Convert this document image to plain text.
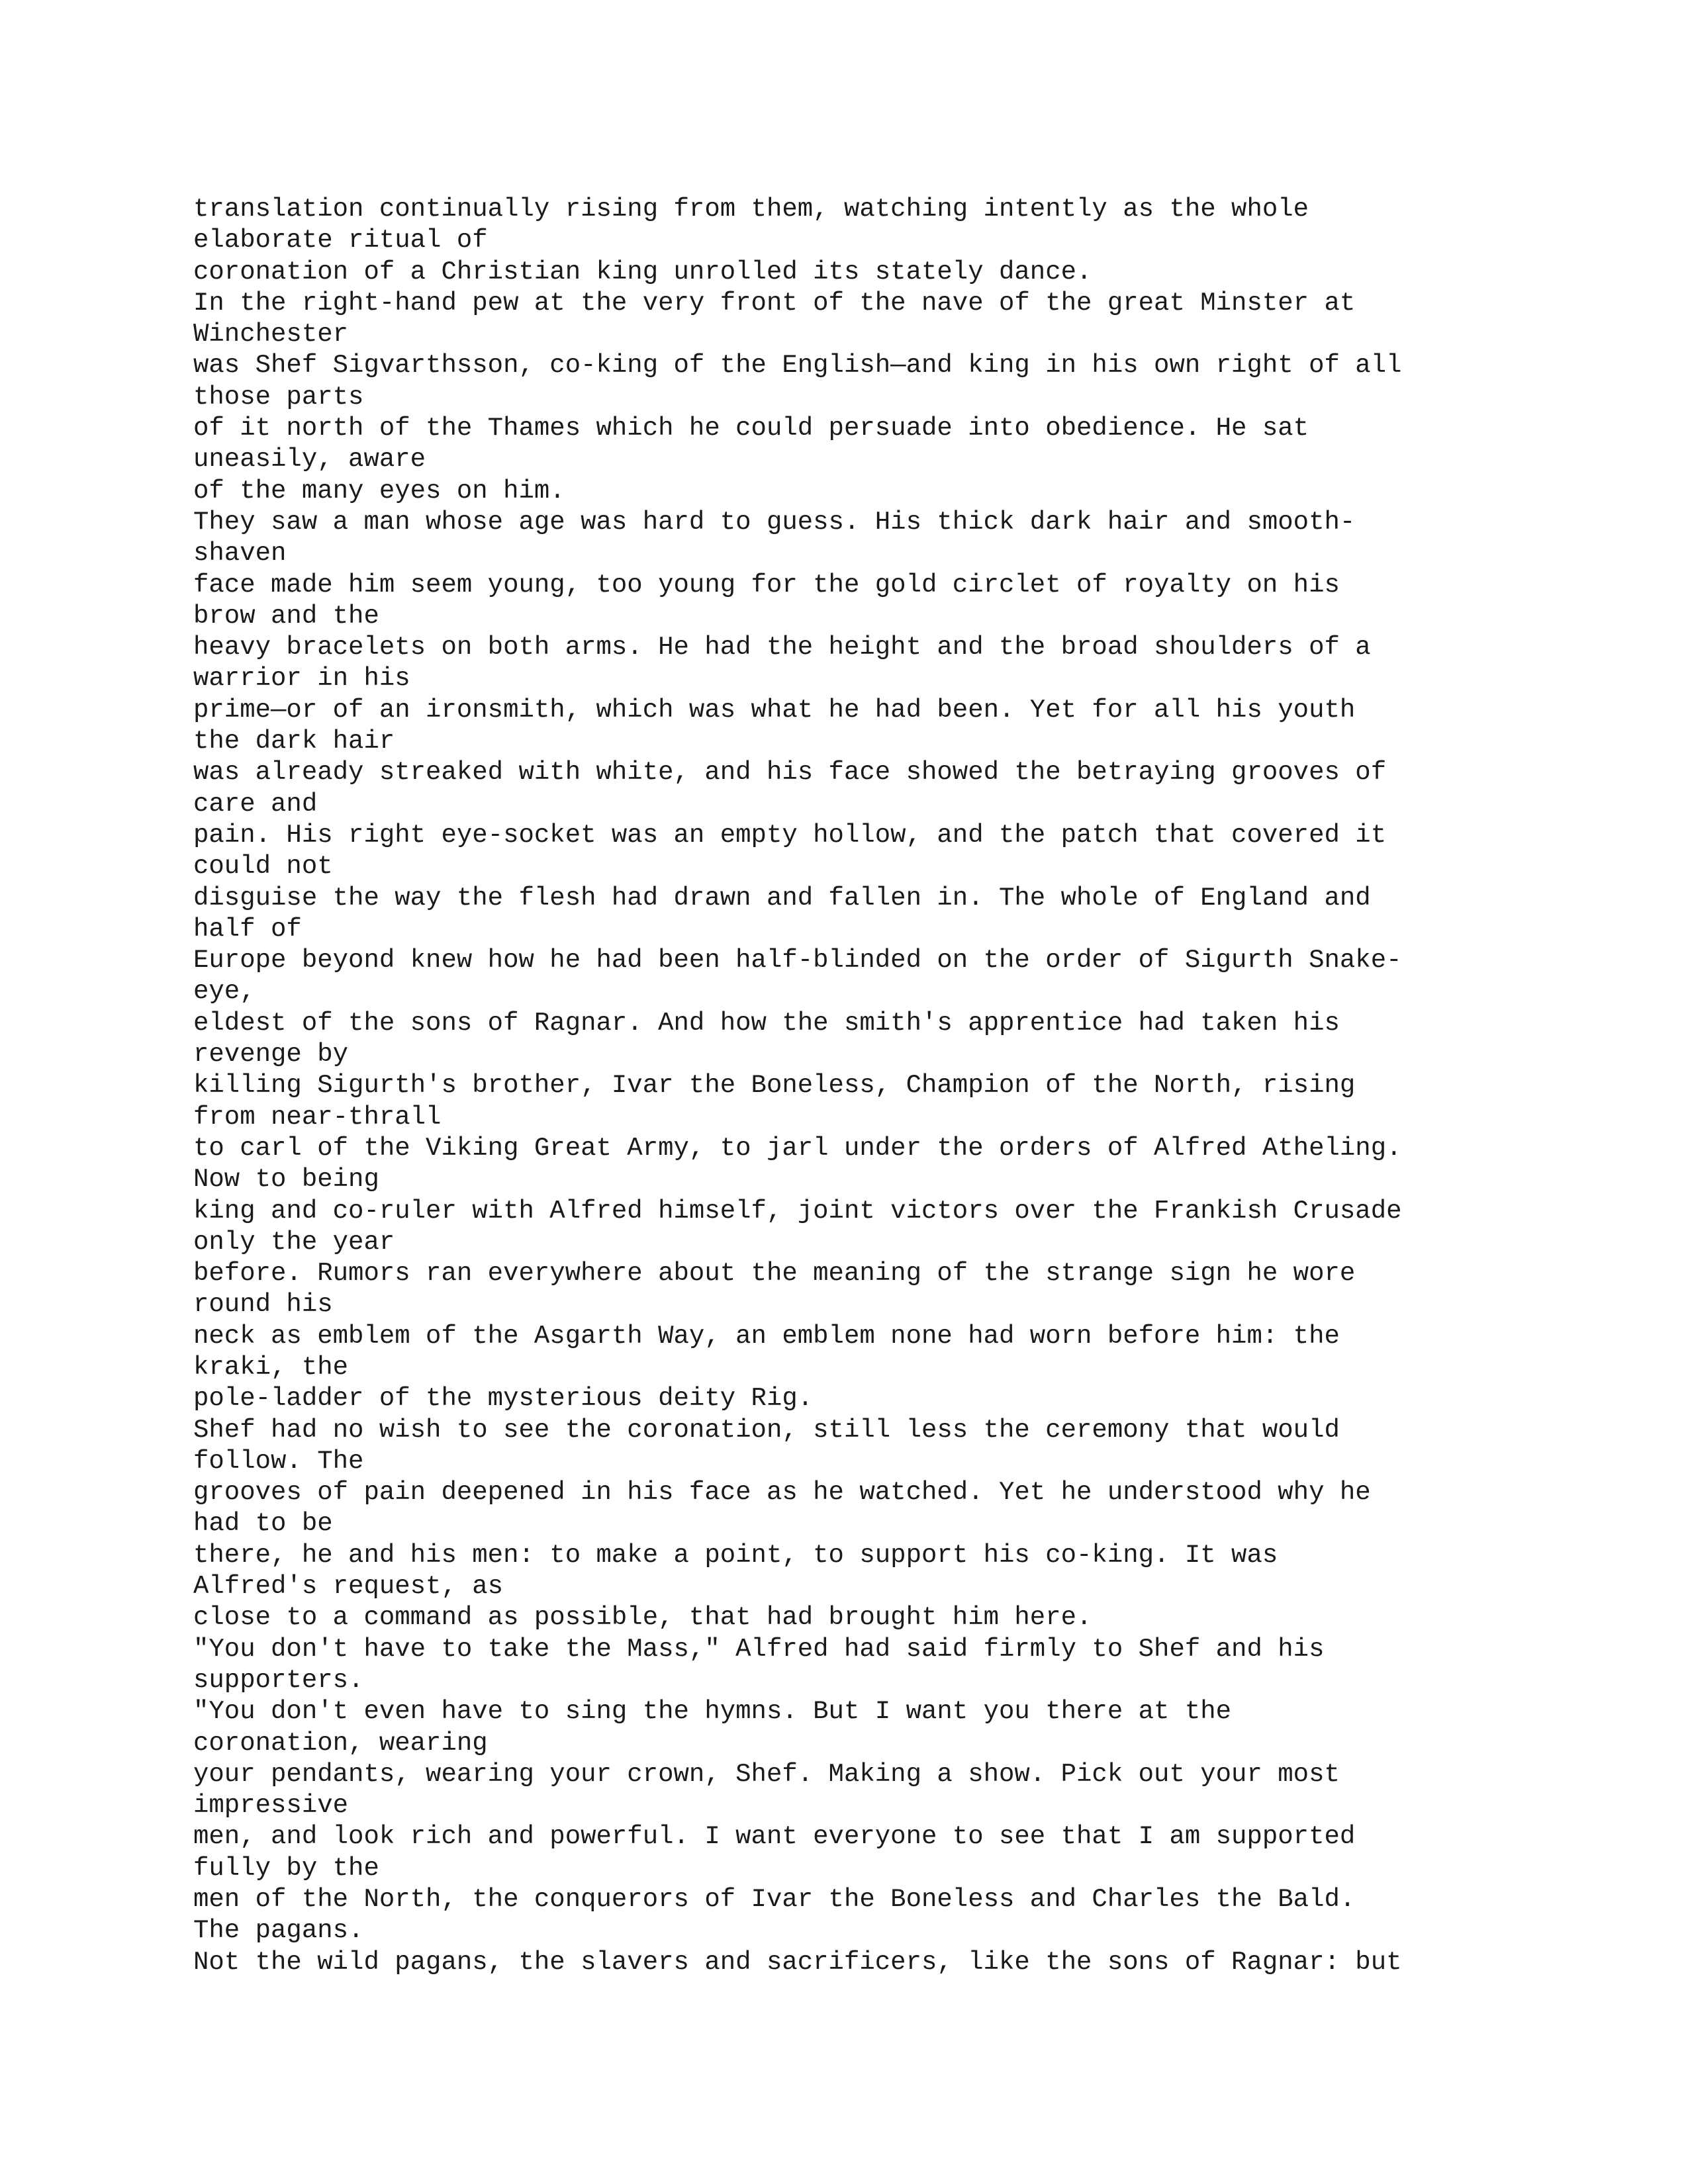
translation continually rising from them, watching intently as the whole
elaborate ritual of
coronation of a Christian king unrolled its stately dance.
In the right-hand pew at the very front of the nave of the great Minster at
Winchester
was Shef Sigvarthsson, co-king of the English—and king in his own right of all
those parts
of it north of the Thames which he could persuade into obedience. He sat
uneasily, aware
of the many eyes on him.
They saw a man whose age was hard to guess. His thick dark hair and smooth-
shaven
face made him seem young, too young for the gold circlet of royalty on his
brow and the
heavy bracelets on both arms. He had the height and the broad shoulders of a
warrior in his
prime—or of an ironsmith, which was what he had been. Yet for all his youth
the dark hair
was already streaked with white, and his face showed the betraying grooves of
care and
pain. His right eye-socket was an empty hollow, and the patch that covered it
could not
disguise the way the flesh had drawn and fallen in. The whole of England and
half of
Europe beyond knew how he had been half-blinded on the order of Sigurth Snake-
eye,
eldest of the sons of Ragnar. And how the smith's apprentice had taken his
revenge by
killing Sigurth's brother, Ivar the Boneless, Champion of the North, rising
from near-thrall
to carl of the Viking Great Army, to jarl under the orders of Alfred Atheling.
Now to being
king and co-ruler with Alfred himself, joint victors over the Frankish Crusade
only the year
before. Rumors ran everywhere about the meaning of the strange sign he wore
round his
neck as emblem of the Asgarth Way, an emblem none had worn before him: the
kraki, the
pole-ladder of the mysterious deity Rig.
Shef had no wish to see the coronation, still less the ceremony that would
follow. The
grooves of pain deepened in his face as he watched. Yet he understood why he
had to be
there, he and his men: to make a point, to support his co-king. It was
Alfred's request, as
close to a command as possible, that had brought him here.
"You don't have to take the Mass," Alfred had said firmly to Shef and his
supporters.
"You don't even have to sing the hymns. But I want you there at the
coronation, wearing
your pendants, wearing your crown, Shef. Making a show. Pick out your most
impressive
men, and look rich and powerful. I want everyone to see that I am supported
fully by the
men of the North, the conquerors of Ivar the Boneless and Charles the Bald.
The pagans.
Not the wild pagans, the slavers and sacrificers, like the sons of Ragnar: but
